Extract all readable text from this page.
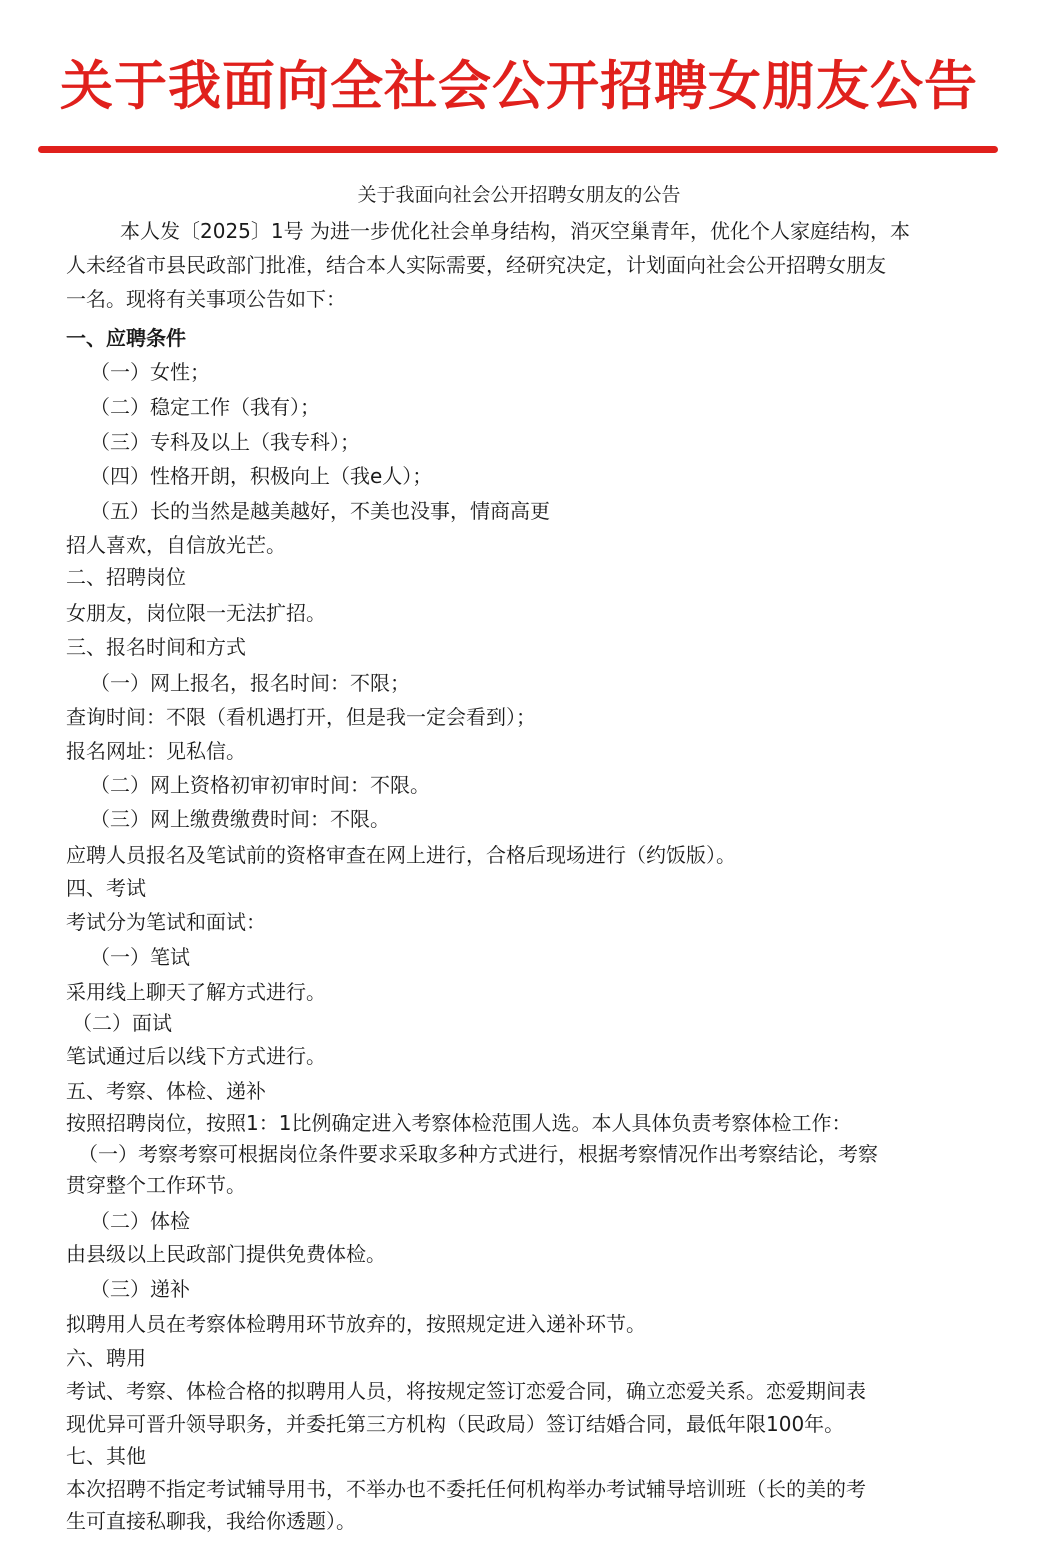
关于我面向全社会公开招聘女朋友公告
关于我面向社会公开招聘女朋友的公告
本人发〔2025〕1号 为进一步优化社会单身结构，消灭空巢青年，优化个人家庭结构，本
人未经省市县民政部门批准，结合本人实际需要，经研究决定，计划面向社会公开招聘女朋友
一名。现将有关事项公告如下：
一、应聘条件
（一）女性；
（二）稳定工作（我有）；
（三）专科及以上（我专科）；
（四）性格开朗，积极向上（我e人）；
（五）长的当然是越美越好，不美也没事，情商高更
招人喜欢，自信放光芒。
二、招聘岗位
女朋友，岗位限一无法扩招。
三、报名时间和方式
（一）网上报名，报名时间：不限；
查询时间：不限（看机遇打开，但是我一定会看到）；
报名网址：见私信。
（二）网上资格初审初审时间：不限。
（三）网上缴费缴费时间：不限。
应聘人员报名及笔试前的资格审查在网上进行，合格后现场进行（约饭版）。
四、考试
考试分为笔试和面试：
（一）笔试
采用线上聊天了解方式进行。
（二）面试
笔试通过后以线下方式进行。
五、考察、体检、递补
按照招聘岗位，按照1：1比例确定进入考察体检范围人选。本人具体负责考察体检工作：
（一）考察考察可根据岗位条件要求采取多种方式进行，根据考察情况作出考察结论，考察
贯穿整个工作环节。
（二）体检
由县级以上民政部门提供免费体检。
（三）递补
拟聘用人员在考察体检聘用环节放弃的，按照规定进入递补环节。
六、聘用
考试、考察、体检合格的拟聘用人员，将按规定签订恋爱合同，确立恋爱关系。恋爱期间表
现优异可晋升领导职务，并委托第三方机构（民政局）签订结婚合同，最低年限100年。
七、其他
本次招聘不指定考试辅导用书，不举办也不委托任何机构举办考试辅导培训班（长的美的考
生可直接私聊我，我给你透题）。
